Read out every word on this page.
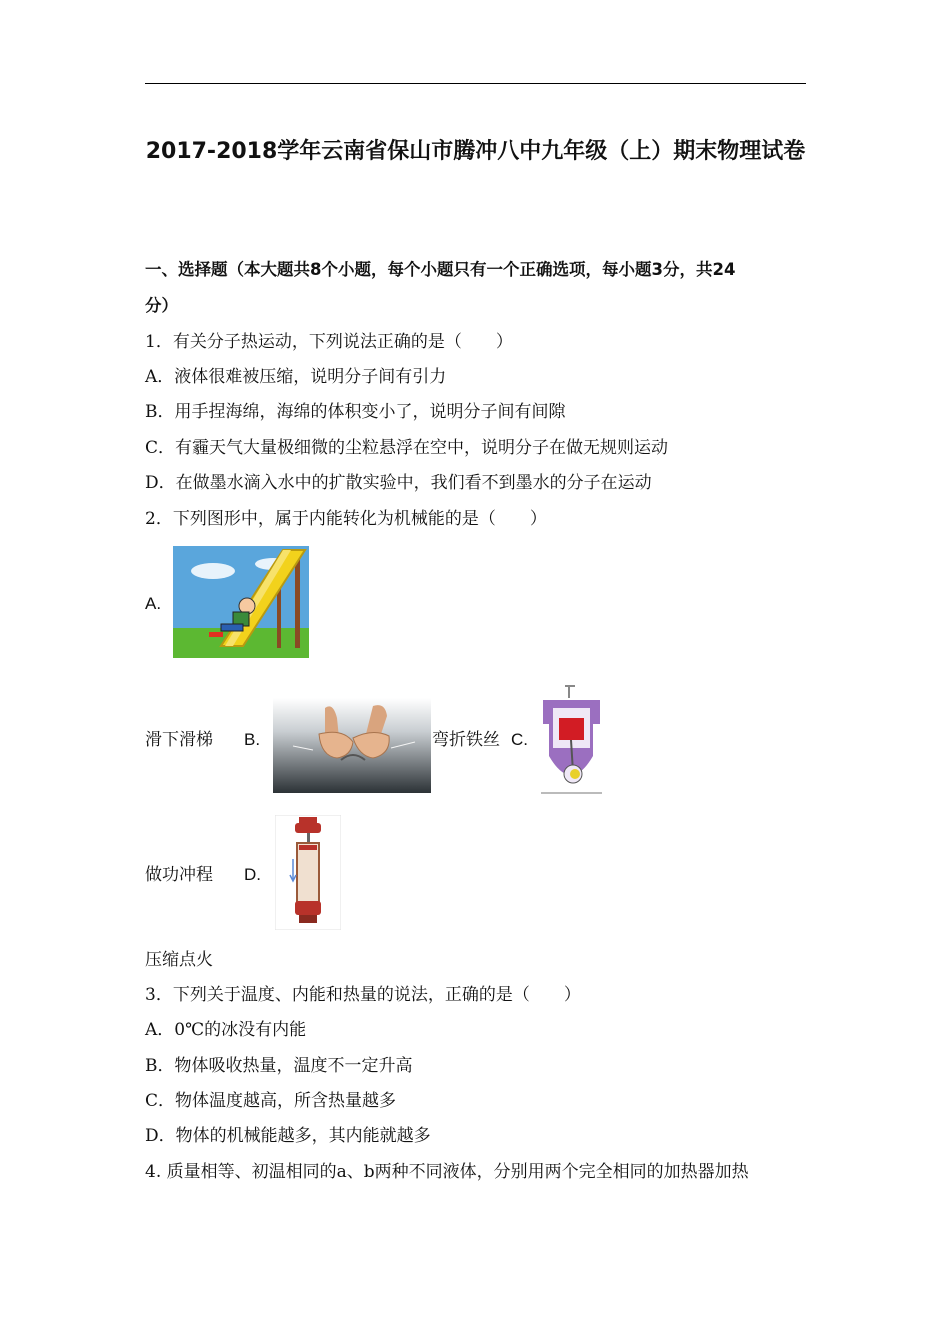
2017-2018学年云南省保山市腾冲八中九年级（上）期末物理试卷
一、选择题（本大题共8个小题，每个小题只有一个正确选项，每小题3分，共24
分）
1．有关分子热运动，下列说法正确的是（　　）
A．液体很难被压缩，说明分子间有引力
B．用手捏海绵，海绵的体积变小了，说明分子间有间隙
C．有霾天气大量极细微的尘粒悬浮在空中，说明分子在做无规则运动
D．在做墨水滴入水中的扩散实验中，我们看不到墨水的分子在运动
2．下列图形中，属于内能转化为机械能的是（　　）
A.
滑下滑梯 B.	弯折铁丝 C.
做功冲程 D.
压缩点火
3．下列关于温度、内能和热量的说法，正确的是（　　）
A．0℃的冰没有内能
B．物体吸收热量，温度不一定升高
C．物体温度越高，所含热量越多
D．物体的机械能越多，其内能就越多
4. 质量相等、初温相同的a、b两种不同液体，分别用两个完全相同的加热器加热
